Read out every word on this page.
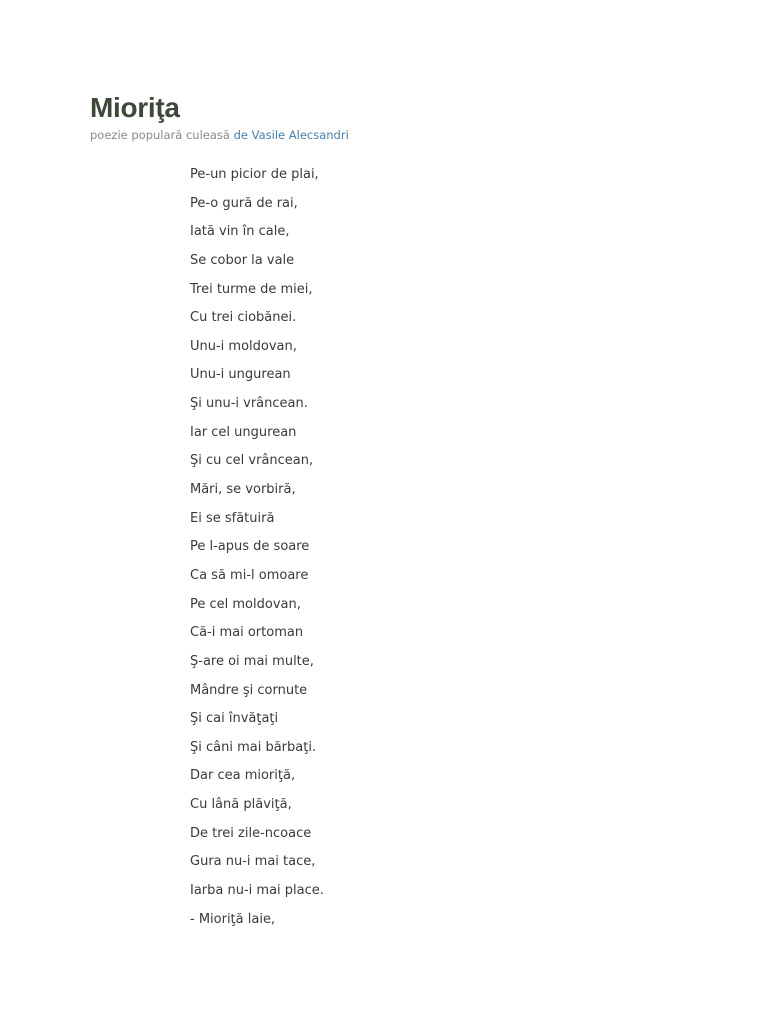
Mioriţa

poezie populară culeasă de Vasile Alecsandri

Pe-un picior de plai,
Pe-o gură de rai,
Iată vin în cale,
Se cobor la vale
Trei turme de miei,
Cu trei ciobănei.
Unu-i moldovan,
Unu-i ungurean
Şi unu-i vrâncean.
Iar cel ungurean
Şi cu cel vrâncean,
Mări, se vorbiră,
Ei se sfătuiră
Pe l-apus de soare
Ca să mi-l omoare
Pe cel moldovan,
Că-i mai ortoman
Ş-are oi mai multe,
Mândre şi cornute
Şi cai învăţaţi
Şi câni mai bărbaţi.
Dar cea mioriţă,
Cu lână plăviţă,
De trei zile-ncoace
Gura nu-i mai tace,
Iarba nu-i mai place.
- Mioriţă laie,
